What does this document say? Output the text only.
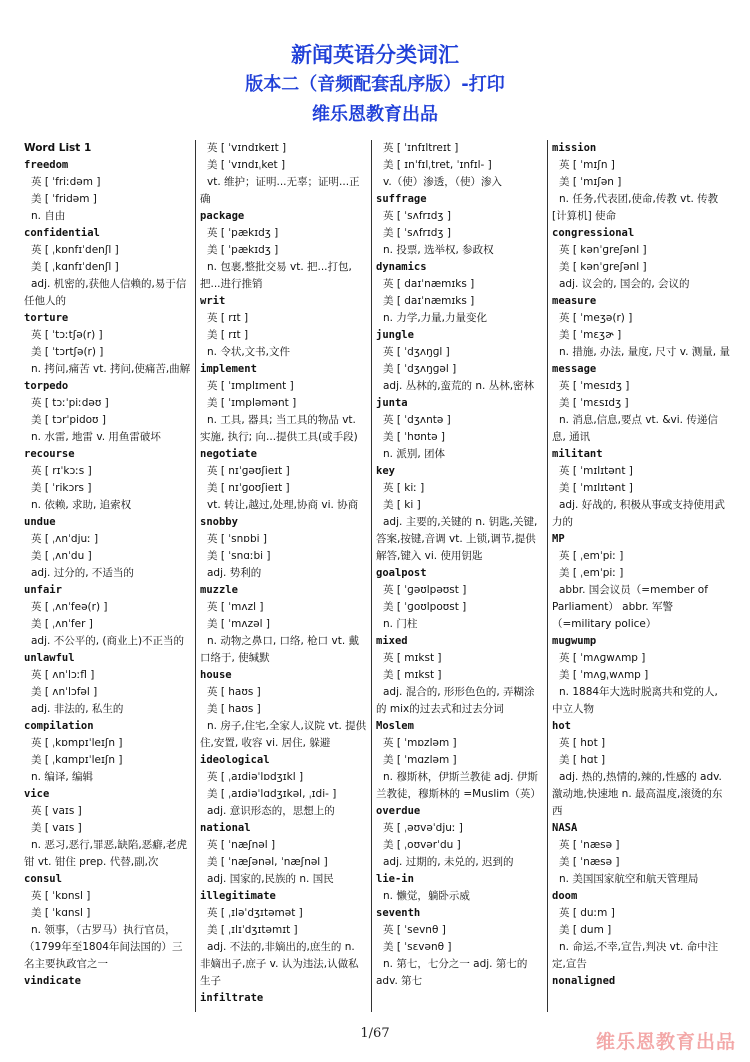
新闻英语分类词汇
版本二（音频配套乱序版）-打印
维乐恩教育出品
Word List 1
freedom
英 [ ˈfriːdəm ]
美 [ ˈfridəm ]
n. 自由
confidential
英 [ ˌkɒnfɪˈdenʃl ]
美 [ ˌkɑnfɪˈdenʃl ]
adj. 机密的,获他人信赖的,易于信任他人的
torture
英 [ ˈtɔːtʃə(r) ]
美 [ ˈtɔrtʃə(r) ]
n. 拷问,痛苦 vt. 拷问,使痛苦,曲解
torpedo
英 [ tɔːˈpiːdəʊ ]
美 [ tɔrˈpidoʊ ]
n. 水雷, 地雷 v. 用鱼雷破坏
recourse
英 [ rɪˈkɔːs ]
美 [ ˈrikɔrs ]
n. 依赖, 求助, 追索权
undue
英 [ ˌʌnˈdjuː ]
美 [ ˌʌnˈdu ]
adj. 过分的, 不适当的
unfair
英 [ ˌʌnˈfeə(r) ]
美 [ ˌʌnˈfer ]
adj. 不公平的, (商业上)不正当的
unlawful
英 [ ʌnˈlɔːfl ]
美 [ ʌnˈlɔfəl ]
adj. 非法的, 私生的
compilation
英 [ ˌkɒmpɪˈleɪʃn ]
美 [ ˌkɑmpɪˈleɪʃn ]
n. 编译, 编辑
vice
英 [ vaɪs ]
美 [ vaɪs ]
n. 恶习,恶行,罪恶,缺陷,恶癖,老虎钳 vt. 钳住 prep. 代替,副,次
consul
英 [ ˈkɒnsl ]
美 [ ˈkɑnsl ]
n. 领事，（古罗马）执行官员，（1799年至1804年间法国的）三名主要执政官之一
vindicate
英 [ ˈvɪndɪkeɪt ]
美 [ ˈvɪndɪˌket ]
vt. 维护；证明...无辜；证明...正确
package
英 [ ˈpækɪdʒ ]
美 [ ˈpækɪdʒ ]
n. 包裹,整批交易 vt. 把...打包,把...进行推销
writ
英 [ rɪt ]
美 [ rɪt ]
n. 令状,文书,文件
implement
英 [ ˈɪmplɪment ]
美 [ ˈɪmpləmənt ]
n. 工具, 器具; 当工具的物品 vt. 实施, 执行; 向...提供工具(或手段)
negotiate
英 [ nɪˈɡəʊʃieɪt ]
美 [ nɪˈɡoʊʃieɪt ]
vt. 转让,越过,处理,协商 vi. 协商
snobby
英 [ ˈsnɒbi ]
美 [ ˈsnɑːbi ]
adj. 势利的
muzzle
英 [ ˈmʌzl ]
美 [ ˈmʌzəl ]
n. 动物之鼻口, 口络, 枪口 vt. 戴口络于, 使缄默
house
英 [ haʊs ]
美 [ haʊs ]
n. 房子,住宅,全家人,议院 vt. 提供住,安置, 收容 vi. 居住, 躲避
ideological
英 [ ˌaɪdiəˈlɒdʒɪkl ]
美 [ ˌaɪdiəˈlɑdʒɪkəl, ˌɪdi- ]
adj. 意识形态的，思想上的
national
英 [ ˈnæʃnəl ]
美 [ ˈnæʃənəl, ˈnæʃnəl ]
adj. 国家的,民族的 n. 国民
illegitimate
英 [ ˌɪləˈdʒɪtəmət ]
美 [ ˌɪlɪˈdʒɪtəmɪt ]
adj. 不法的,非嫡出的,庶生的 n. 非嫡出子,庶子 v. 认为违法,认做私生子
infiltrate
英 [ ˈɪnfɪltreɪt ]
美 [ ɪnˈfɪlˌtret, ˈɪnfɪl- ]
v.（使）渗透，（使）渗入
suffrage
英 [ ˈsʌfrɪdʒ ]
美 [ ˈsʌfrɪdʒ ]
n. 投票, 选举权, 参政权
dynamics
英 [ daɪˈnæmɪks ]
美 [ daɪˈnæmɪks ]
n. 力学,力量,力量变化
jungle
英 [ ˈdʒʌŋɡl ]
美 [ ˈdʒʌŋɡəl ]
adj. 丛林的,蛮荒的 n. 丛林,密林
junta
英 [ ˈdʒʌntə ]
美 [ ˈhʊntə ]
n. 派别, 团体
key
英 [ kiː ]
美 [ ki ]
adj. 主要的,关键的 n. 钥匙,关键,答案,按键,音调 vt. 上锁,调节,提供解答,键入 vi. 使用钥匙
goalpost
英 [ ˈɡəʊlpəʊst ]
美 [ ˈɡoʊlpoʊst ]
n. 门柱
mixed
英 [ mɪkst ]
美 [ mɪkst ]
adj. 混合的, 形形色色的, 弄糊涂的 mix的过去式和过去分词
Moslem
英 [ ˈmɒzləm ]
美 [ ˈmɑzləm ]
n. 穆斯林，伊斯兰教徒 adj. 伊斯兰教徒，穆斯林的 =Muslim（英）
overdue
英 [ ˌəʊvəˈdjuː ]
美 [ ˌoʊvərˈdu ]
adj. 过期的, 未兑的, 迟到的
lie-in
n. 懒觉，躺卧示威
seventh
英 [ ˈsevnθ ]
美 [ ˈsɛvənθ ]
n. 第七，七分之一 adj. 第七的 adv. 第七
mission
英 [ ˈmɪʃn ]
美 [ ˈmɪʃən ]
n. 任务,代表团,使命,传教 vt. 传教 [计算机] 使命
congressional
英 [ kənˈɡreʃənl ]
美 [ kənˈɡreʃənl ]
adj. 议会的, 国会的, 会议的
measure
英 [ ˈmeʒə(r) ]
美 [ ˈmɛʒɚ ]
n. 措施, 办法, 量度, 尺寸 v. 测量, 量
message
英 [ ˈmesɪdʒ ]
美 [ ˈmɛsɪdʒ ]
n. 消息,信息,要点 vt. &vi. 传递信息, 通讯
militant
英 [ ˈmɪlɪtənt ]
美 [ ˈmɪlɪtənt ]
adj. 好战的, 积极从事或支持使用武力的
MP
英 [ ˌemˈpiː ]
美 [ ˌemˈpiː ]
abbr. 国会议员（=member of Parliament） abbr. 军警（=military police）
mugwump
英 [ ˈmʌɡwʌmp ]
美 [ ˈmʌɡˌwʌmp ]
n. 1884年大选时脱离共和党的人, 中立人物
hot
英 [ hɒt ]
美 [ hɑt ]
adj. 热的,热情的,辣的,性感的 adv. 激动地,快速地 n. 最高温度,滚烫的东西
NASA
英 [ ˈnæsə ]
美 [ ˈnæsə ]
n. 美国国家航空和航天管理局
doom
英 [ duːm ]
美 [ dum ]
n. 命运,不幸,宣告,判决 vt. 命中注定,宣告
nonaligned
1/67	维乐恩教育出品
